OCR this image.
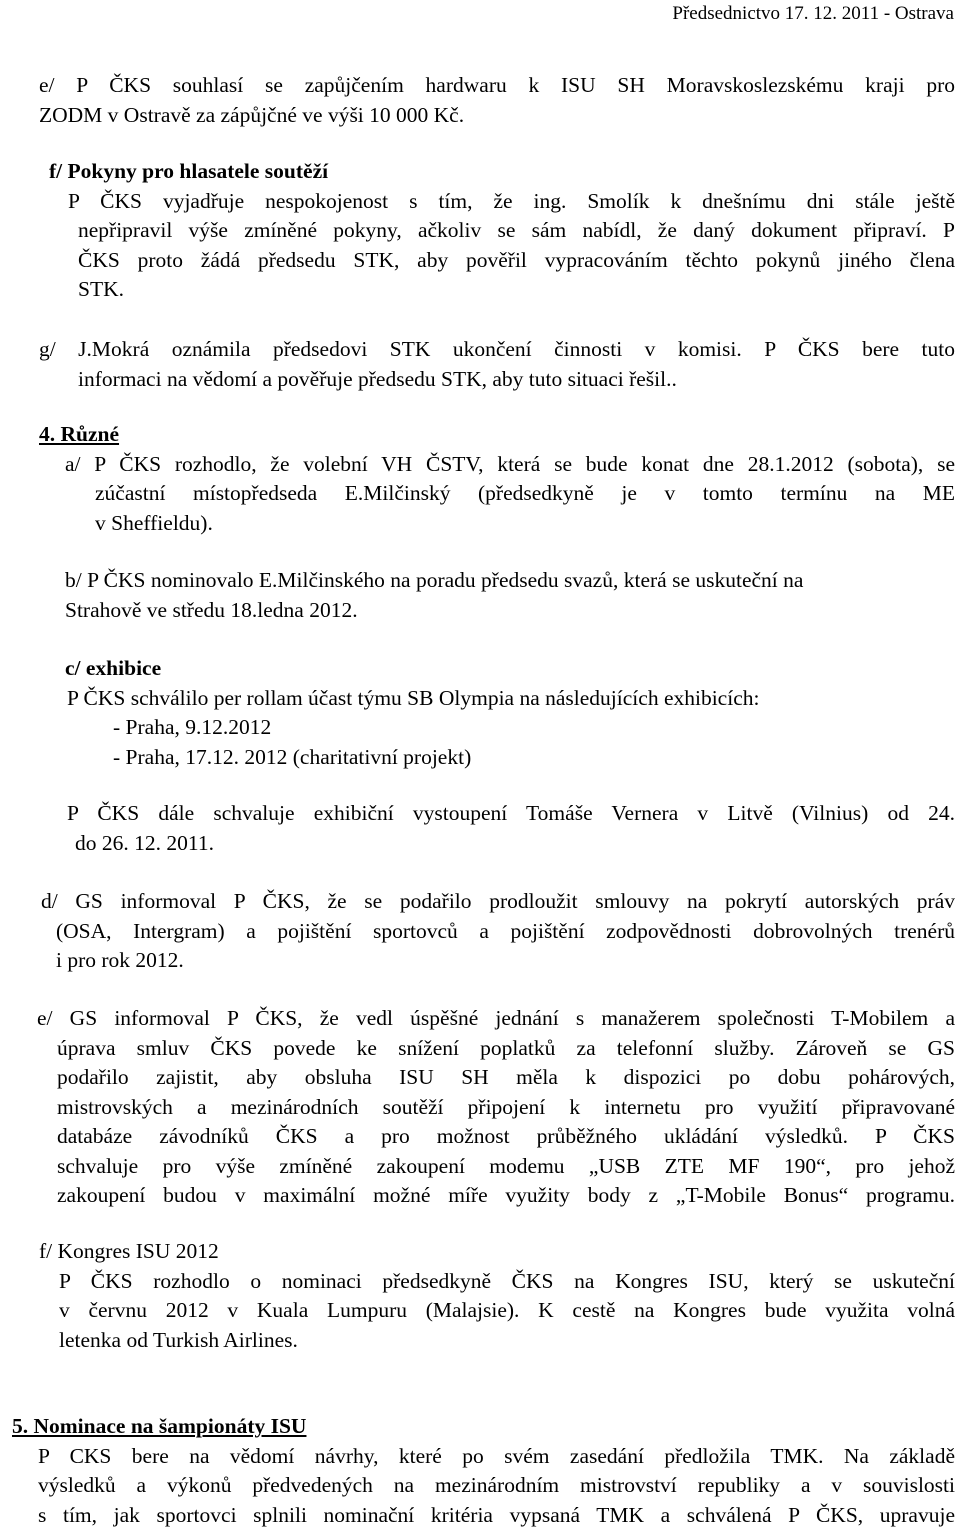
Předsednictvo 17. 12. 2011 - Ostrava
e/ P ČKS souhlasí se zapůjčením hardwaru k ISU SH Moravskoslezskému kraji pro
ZODM v Ostravě za zápůjčné ve výši 10 000 Kč.
f/ Pokyny pro hlasatele soutěží
P ČKS vyjadřuje nespokojenost s tím, že ing. Smolík k dnešnímu dni stále ještě
nepřipravil výše zmíněné pokyny, ačkoliv se sám nabídl, že daný dokument připraví. P
ČKS proto žádá předsedu STK, aby pověřil vypracováním těchto pokynů jiného člena
STK.
g/ J.Mokrá oznámila předsedovi STK ukončení činnosti v komisi. P ČKS bere tuto
informaci na vědomí a pověřuje předsedu STK, aby tuto situaci řešil..
4. Různé
a/ P ČKS rozhodlo, že volební VH ČSTV, která se bude konat dne 28.1.2012 (sobota), se
zúčastní místopředseda E.Milčinský (předsedkyně je v tomto termínu na ME
v Sheffieldu).
b/ P ČKS nominovalo E.Milčinského na poradu předsedu svazů, která se uskuteční na
Strahově ve středu 18.ledna 2012.
c/ exhibice
P ČKS schválilo per rollam účast týmu SB Olympia na následujících exhibicích:
- Praha, 9.12.2012
- Praha, 17.12. 2012 (charitativní projekt)
P ČKS dále schvaluje exhibiční vystoupení Tomáše Vernera v Litvě (Vilnius) od 24.
do 26. 12. 2011.
d/ GS informoval P ČKS, že se podařilo prodloužit smlouvy na pokrytí autorských práv
(OSA, Intergram) a pojištění sportovců a pojištění zodpovědnosti dobrovolných trenérů
i pro rok 2012.
e/ GS informoval P ČKS, že vedl úspěšné jednání s manažerem společnosti T-Mobilem a
úprava smluv ČKS povede ke snížení poplatků za telefonní služby. Zároveň se GS
podařilo zajistit, aby obsluha ISU SH měla k dispozici po dobu pohárových,
mistrovských a mezinárodních soutěží připojení k internetu pro využití připravované
databáze závodníků ČKS a pro možnost průběžného ukládání výsledků. P ČKS
schvaluje pro výše zmíněné zakoupení modemu „USB ZTE MF 190“, pro jehož
zakoupení budou v maximální možné míře využity body z „T-Mobile Bonus“ programu.
f/ Kongres ISU 2012
P ČKS rozhodlo o nominaci předsedkyně ČKS na Kongres ISU, který se uskuteční
v červnu 2012 v Kuala Lumpuru (Malajsie). K cestě na Kongres bude využita volná
letenka od Turkish Airlines.
5. Nominace na šampionáty ISU
P CKS bere na vědomí návrhy, které po svém zasedání předložila TMK. Na základě
výsledků a výkonů předvedených na mezinárodním mistrovství republiky a v souvislosti
s tím, jak sportovci splnili nominační kritéria vypsaná TMK a schválená P ČKS, upravuje
